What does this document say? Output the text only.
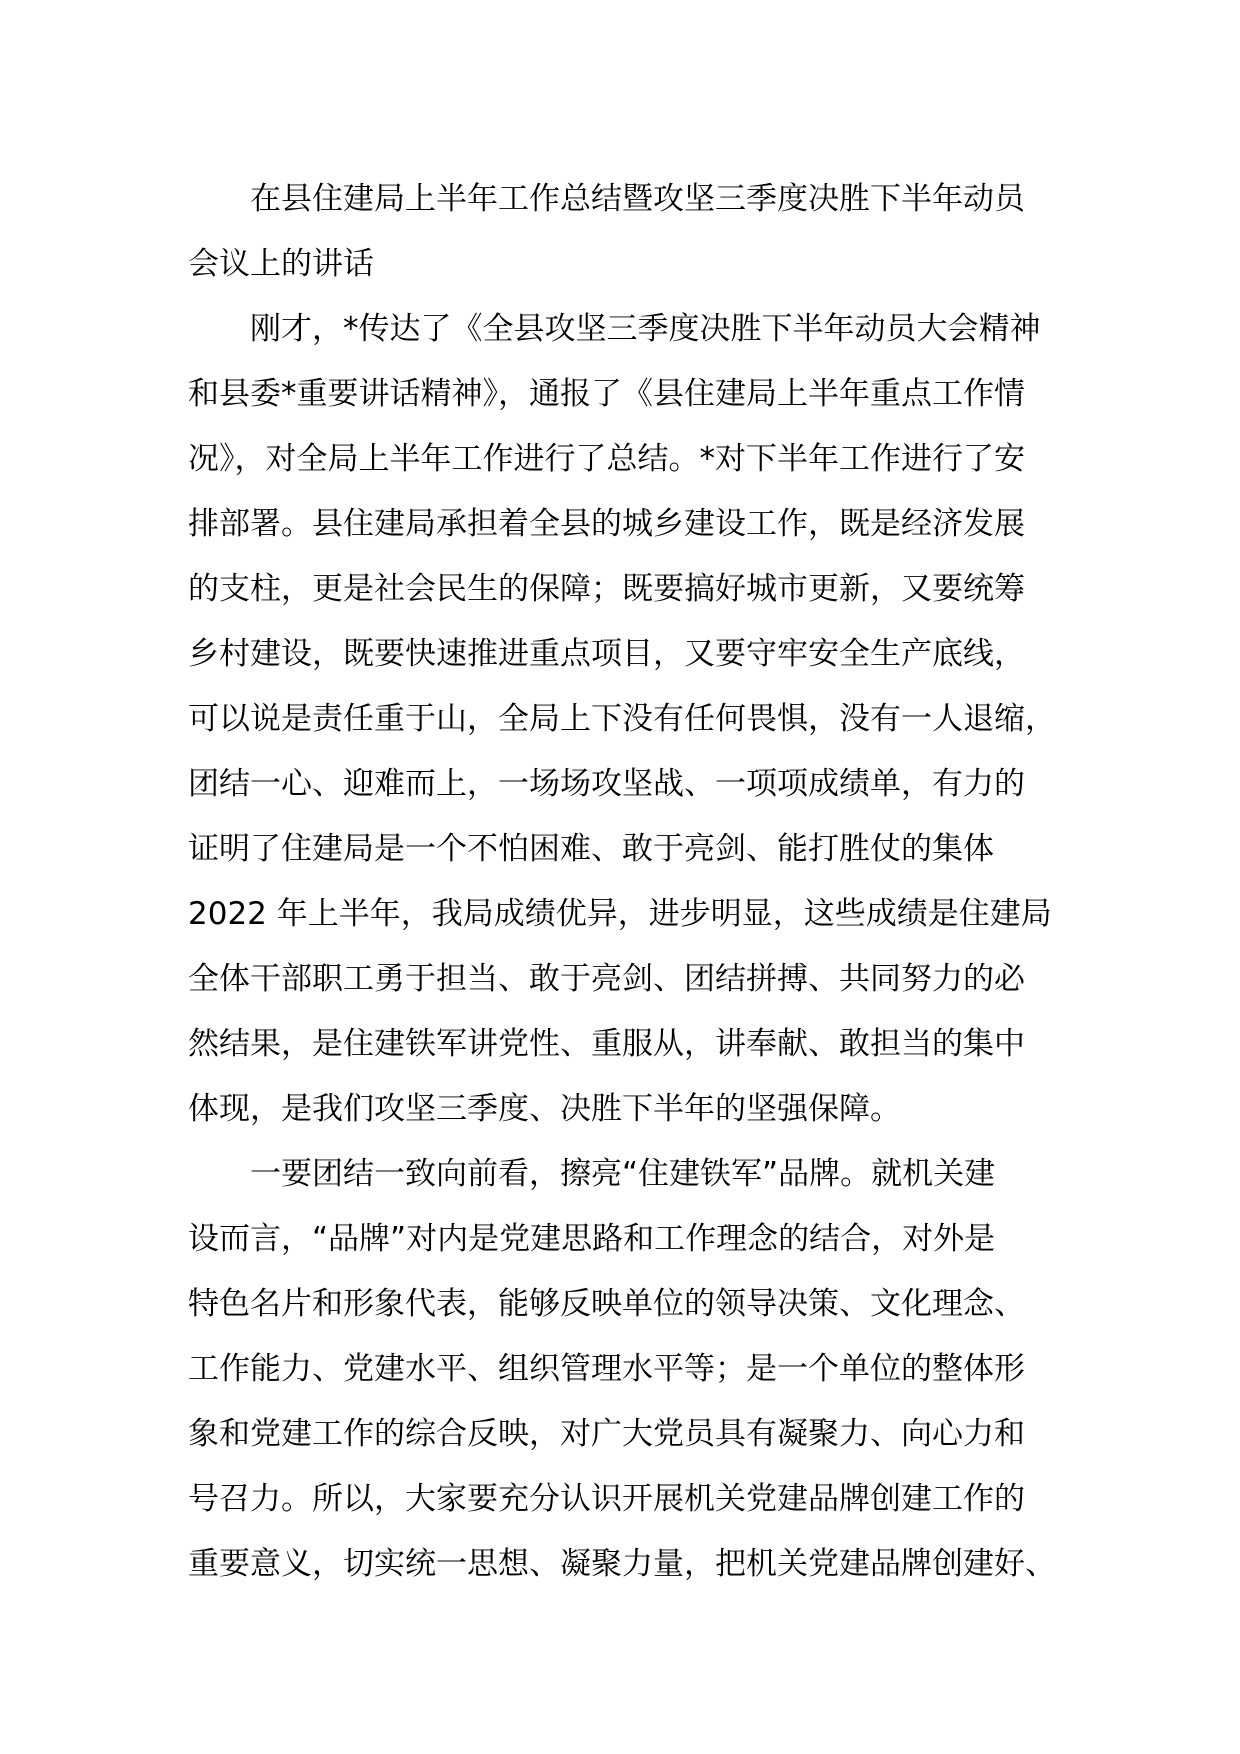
在县住建局上半年工作总结暨攻坚三季度决胜下半年动员
会议上的讲话
刚才，*传达了《全县攻坚三季度决胜下半年动员大会精神
和县委*重要讲话精神》，通报了《县住建局上半年重点工作情
况》，对全局上半年工作进行了总结。*对下半年工作进行了安
排部署。县住建局承担着全县的城乡建设工作，既是经济发展
的支柱，更是社会民生的保障；既要搞好城市更新，又要统筹
乡村建设，既要快速推进重点项目，又要守牢安全生产底线，
可以说是责任重于山，全局上下没有任何畏惧，没有一人退缩，
团结一心、迎难而上，一场场攻坚战、一项项成绩单，有力的
证明了住建局是一个不怕困难、敢于亮剑、能打胜仗的集体
2022 年上半年，我局成绩优异，进步明显，这些成绩是住建局
全体干部职工勇于担当、敢于亮剑、团结拼搏、共同努力的必
然结果，是住建铁军讲党性、重服从，讲奉献、敢担当的集中
体现，是我们攻坚三季度、决胜下半年的坚强保障。
一要团结一致向前看，擦亮“住建铁军”品牌。就机关建
设而言，“品牌”对内是党建思路和工作理念的结合，对外是
特色名片和形象代表，能够反映单位的领导决策、文化理念、
工作能力、党建水平、组织管理水平等；是一个单位的整体形
象和党建工作的综合反映，对广大党员具有凝聚力、向心力和
号召力。所以，大家要充分认识开展机关党建品牌创建工作的
重要意义，切实统一思想、凝聚力量，把机关党建品牌创建好、
